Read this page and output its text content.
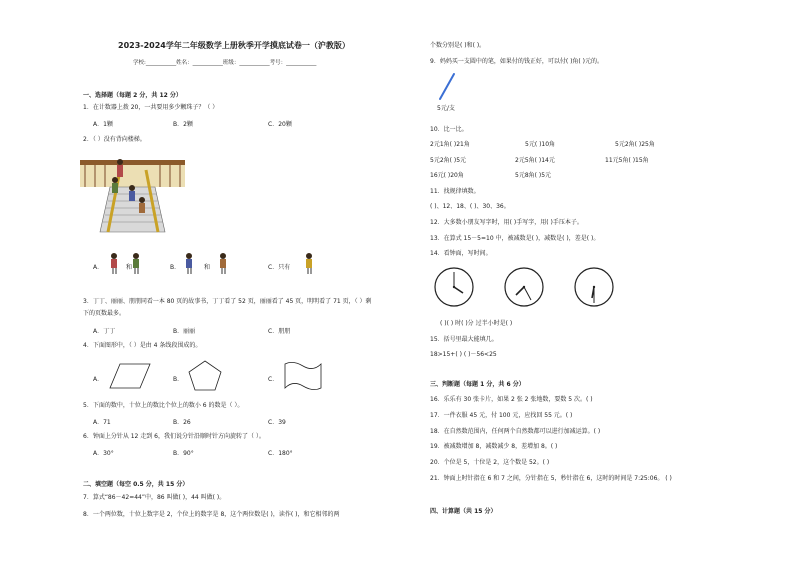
2023-2024学年二年级数学上册秋季开学摸底试卷一（沪教版）
学校:___________姓名：___________班级：___________考号：___________
一、选择题（每题 2 分，共 12 分）
1．在计数器上拨 20，一共要用多少颗珠子？（ ）
A．1颗	B．2颗	C．20颗
2．（ ）没有背向楼梯。
A．	和	B．	和	C．只有
3．丁丁、丽丽、朋朋同看一本 80 页的故事书，丁丁看了 52 页，丽丽看了 45 页，明明看了 71 页，（ ）剩
下的页数最多。
A．丁丁	B．丽丽	C．朋朋
4．下面图形中，（ ）是由 4 条线段围成的。
A．	B．	C．
5．下面的数中，十位上的数比个位上的数小 6 的数是（ ）。
A．71	B．26	C．39
6．钟面上分针从 12 走到 6，我们说分针沿顺时针方向旋转了（ ）。
A．30°	B．90°	C．180°
二、填空题（每空 0.5 分，共 15 分）
7．算式“86－42=44”中，86 叫做( )，44 叫做( )。
8．一个两位数，十位上数字是 2，个位上的数字是 8，这个两位数是( )，读作( )，和它相邻的两
个数分别是( )和( )。
9．妈妈买一支圆中的笔，如果付的钱正好，可以付( )角( )元的。
5元/支
10．比一比。
2元1角( )21角	5元( )10角	5元2角( )25角
5元2角( )5元	2元5角( )14元	11元5角( )15角
16元( )20角	5元8角( )5元
11．找规律填数。
( )、12、18、( )、30、36。
12．大多数小朋友写字时，用( )手写字，用( )手压本子。
13．在算式 15－5=10 中，被减数是( )，减数是( )，差是( )。
14．看钟面，写时间。
( )( ) 时( )分 过半小时是( )
15．括号里最大能填几。
18>15+( ) ( )－56<25
三、判断题（每题 1 分，共 6 分）
16．乐乐有 30 张卡片，如果 2 张 2 张地数，要数 5 次。( )
17．一件衣服 45 元，付 100 元，应找回 55 元。( )
18．在自然数范围内，任何两个自然数都可以进行加减运算。( )
19．被减数增加 8，减数减少 8，差增加 8。( )
20．个位是 5，十位是 2，这个数是 52。( )
21．钟面上时针指在 6 和 7 之间，分针指在 5，秒针指在 6，这时的时间是 7:25:06。 ( )
四、计算题（共 15 分）
